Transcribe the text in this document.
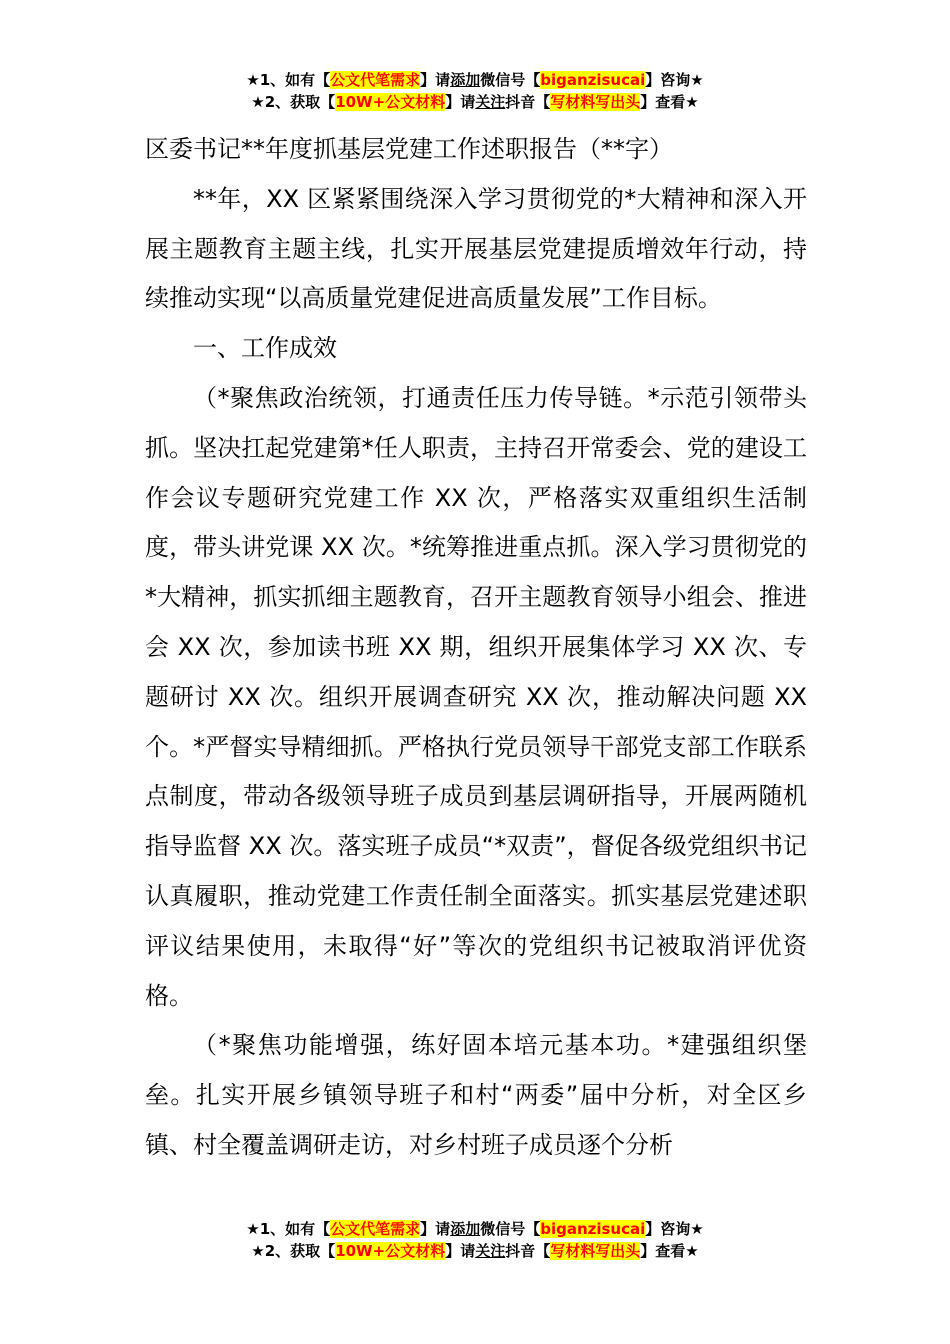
★1、如有【公文代笔需求】请添加微信号【biganzisucai】咨询★
★2、获取【10W+公文材料】请关注抖音【写材料写出头】查看★

区委书记**年度抓基层党建工作述职报告（**字）

**年，XX 区紧紧围绕深入学习贯彻党的*大精神和深入开展主题教育主题主线，扎实开展基层党建提质增效年行动，持续推动实现“以高质量党建促进高质量发展”工作目标。

一、工作成效

（*聚焦政治统领，打通责任压力传导链。*示范引领带头抓。坚决扛起党建第*任人职责，主持召开常委会、党的建设工作会议专题研究党建工作 XX 次，严格落实双重组织生活制度，带头讲党课 XX 次。*统筹推进重点抓。深入学习贯彻党的*大精神，抓实抓细主题教育，召开主题教育领导小组会、推进会 XX 次，参加读书班 XX 期，组织开展集体学习 XX 次、专题研讨 XX 次。组织开展调查研究 XX 次，推动解决问题 XX 个。*严督实导精细抓。严格执行党员领导干部党支部工作联系点制度，带动各级领导班子成员到基层调研指导，开展两随机指导监督 XX 次。落实班子成员“*双责”，督促各级党组织书记认真履职，推动党建工作责任制全面落实。抓实基层党建述职评议结果使用，未取得“好”等次的党组织书记被取消评优资格。

（*聚焦功能增强，练好固本培元基本功。*建强组织堡垒。扎实开展乡镇领导班子和村“两委”届中分析，对全区乡镇、村全覆盖调研走访，对乡村班子成员逐个分析

★1、如有【公文代笔需求】请添加微信号【biganzisucai】咨询★
★2、获取【10W+公文材料】请关注抖音【写材料写出头】查看★
